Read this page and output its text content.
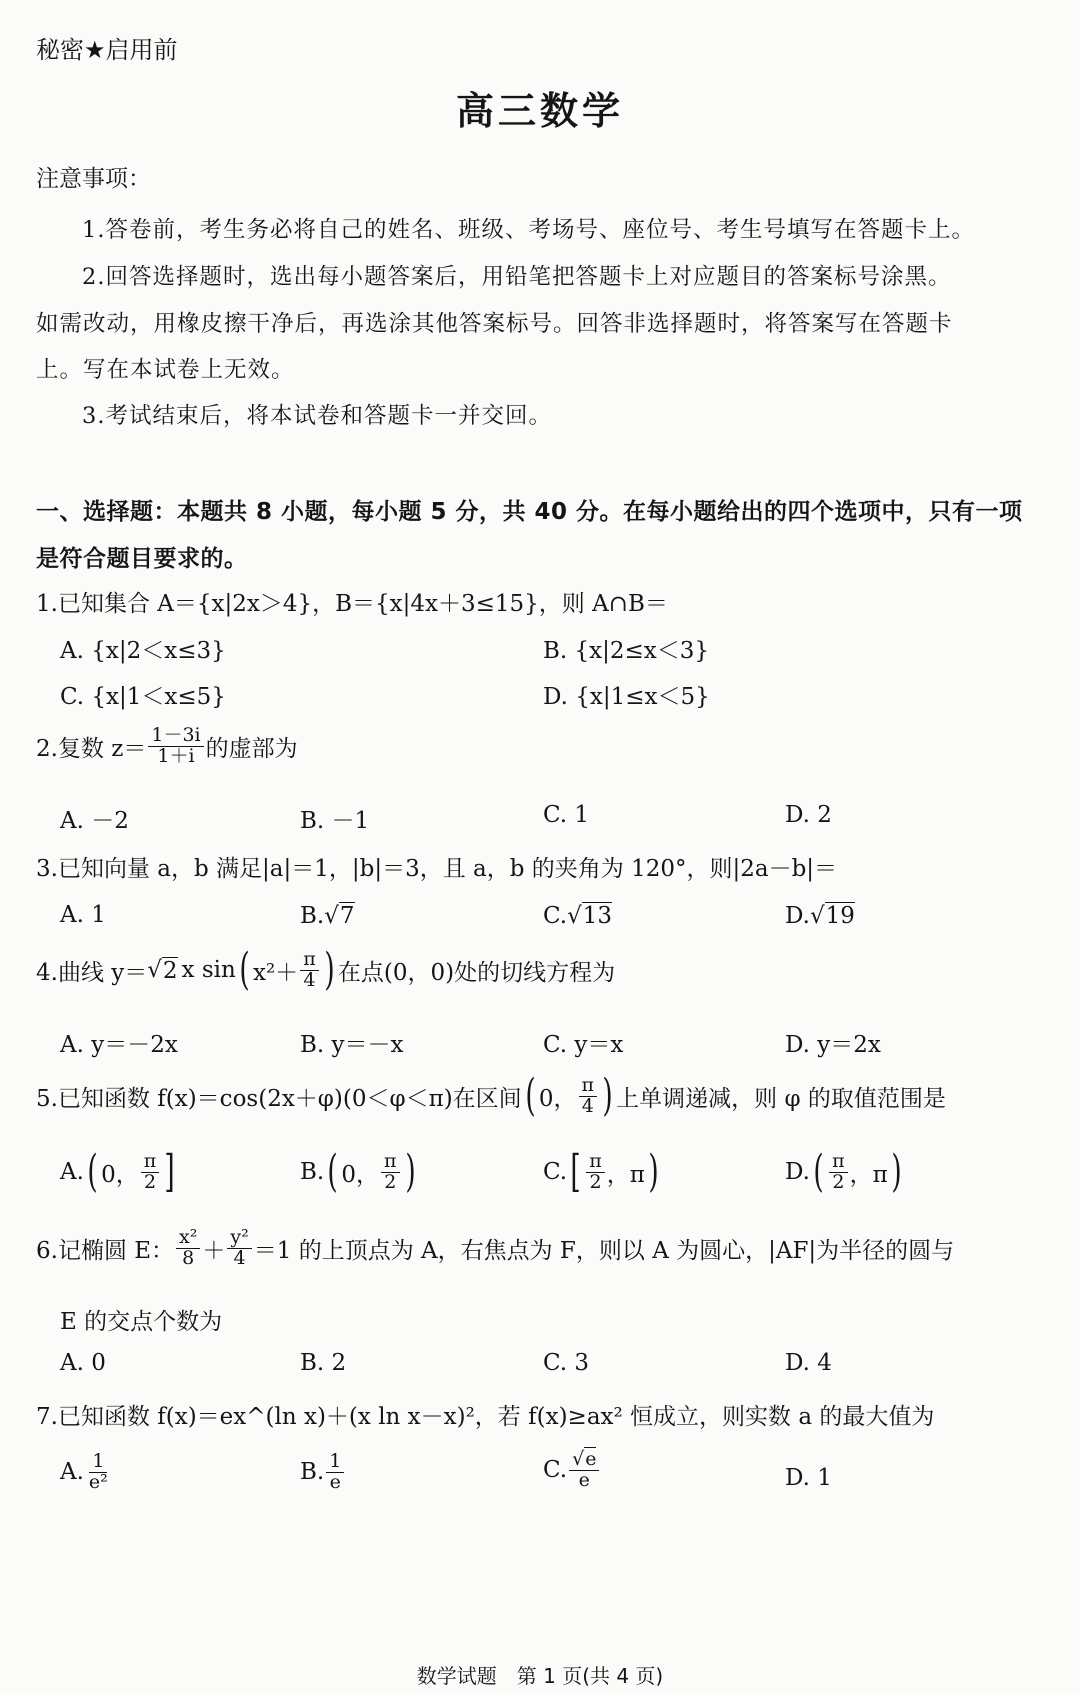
秘密★启用前
高三数学
注意事项：
1.答卷前，考生务必将自己的姓名、班级、考场号、座位号、考生号填写在答题卡上。
2.回答选择题时，选出每小题答案后，用铅笔把答题卡上对应题目的答案标号涂黑。
如需改动，用橡皮擦干净后，再选涂其他答案标号。回答非选择题时，将答案写在答题卡
上。写在本试卷上无效。
3.考试结束后，将本试卷和答题卡一并交回。
一、选择题：本题共 8 小题，每小题 5 分，共 40 分。在每小题给出的四个选项中，只有一项
是符合题目要求的。
1.已知集合 A＝{x|2x＞4}，B＝{x|4x＋3≤15}，则 A∩B＝
A. {x|2＜x≤3}	B. {x|2≤x＜3}
C. {x|1＜x≤5}	D. {x|1≤x＜5}
2.复数 $z= \frac{1-3i}{1+i}$ 的虚部为
A. －2	B. －1	C. 1	D. 2
3.已知向量 a，b 满足|a|＝1，|b|＝3，且 a，b 的夹角为 120°，则|2a－b|＝
A. 1	B. √ 7	C. √ 13	D. √ 19
4.曲线 y＝ √ 2 x sin ( $x^2+ \frac{\pi}{4}$ ) 在点(0，0)处的切线方程为
A. y＝－2x	B. y＝－x	C. y＝x	D. y＝2x
5.已知函数 f(x)＝cos(2x＋φ)(0＜φ＜π)在区间 ( 0， $\frac{\pi}{4}$ ) 上单调递减，则 φ 的取值范围是
A. ( 0， $\frac{\pi}{2}$ ]	B. ( 0， $\frac{\pi}{2}$ )	C. [ $\frac{\pi}{2}$ ，π )	D. ( $\frac{\pi}{2}$ ，π )
6.记椭圆 E： $\frac{\text{x²}}{8} + \frac{\text{y²}}{4} =1$ 的上顶点为 A，右焦点为 F，则以 A 为圆心，|AF|为半径的圆与
E 的交点个数为
A. 0	B. 2	C. 3	D. 4
7.已知函数 f(x)＝ex^(ln x)＋(x ln x－x)²，若 f(x)≥ax² 恒成立，则实数 a 的最大值为
A. $\frac{1}{\text{e²}}$	B. $\frac{1}{e}$	C. $\frac{√e}{e}$	D. 1
数学试题　第 1 页(共 4 页)
